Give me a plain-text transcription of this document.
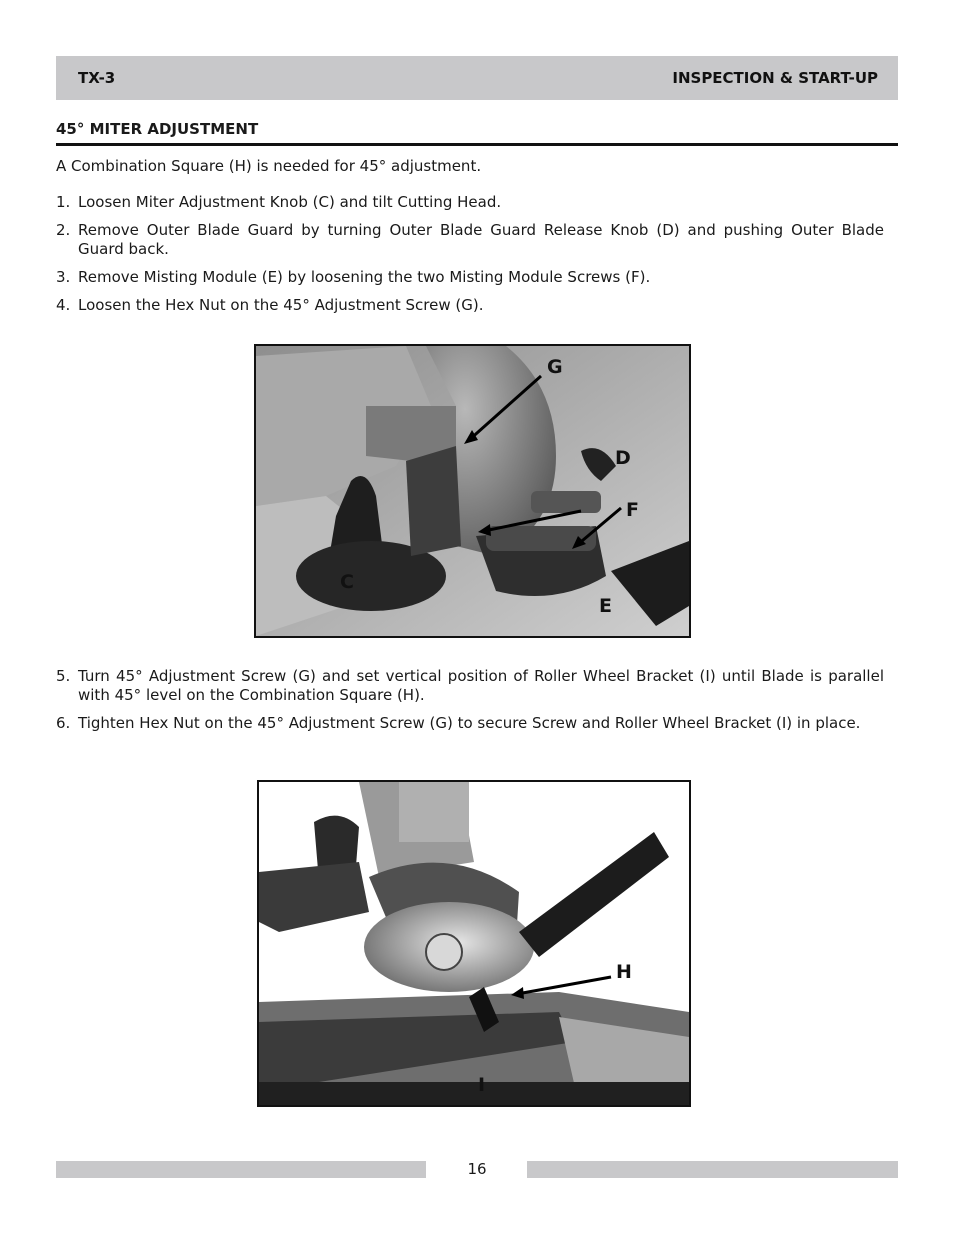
TX-3	INSPECTION & START-UP
45° MITER ADJUSTMENT
A Combination Square (H) is needed for 45° adjustment.
1. Loosen Miter Adjustment Knob (C) and tilt Cutting Head.
2. Remove Outer Blade Guard by turning Outer Blade Guard Release Knob (D) and pushing Outer Blade Guard back.
3. Remove Misting Module (E) by loosening the two Misting Module Screws (F).
4. Loosen the Hex Nut on the 45° Adjustment Screw (G).
G
D
F
C
E
5. Turn 45° Adjustment Screw (G) and set vertical position of Roller Wheel Bracket (I) until Blade is parallel with 45° level on the Combination Square (H).
6. Tighten Hex Nut on the 45° Adjustment Screw (G) to secure Screw and Roller Wheel Bracket (I) in place.
H
I
16
